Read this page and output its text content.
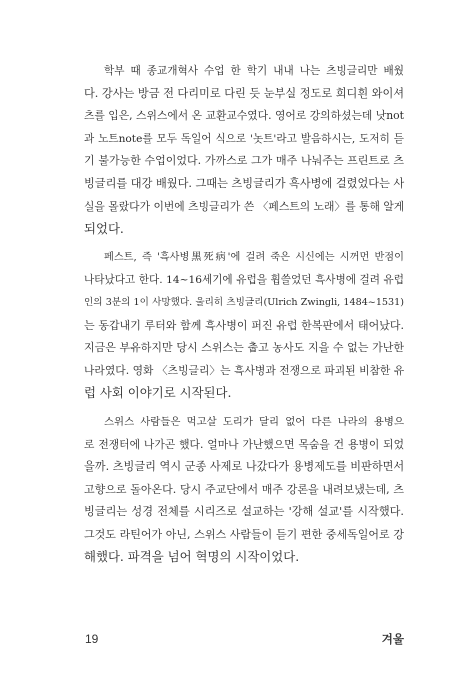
학부 때 종교개혁사 수업 한 학기 내내 나는 츠빙글리만 배웠
다. 강사는 방금 전 다리미로 다린 듯 눈부실 정도로 희디흰 와이셔
츠를 입은, 스위스에서 온 교환교수였다. 영어로 강의하셨는데 낫not
과 노트note를 모두 독일어 식으로 '놋트'라고 발음하시는, 도저히 듣
기 불가능한 수업이었다. 가까스로 그가 매주 나눠주는 프린트로 츠
빙글리를 대강 배웠다. 그때는 츠빙글리가 흑사병에 걸렸었다는 사
실을 몰랐다가 이번에 츠빙글리가 쓴 〈페스트의 노래〉를 통해 알게
되었다.
페스트, 즉 '흑사병黑死病'에 걸려 죽은 시신에는 시꺼먼 반점이
나타났다고 한다. 14~16세기에 유럽을 휩쓸었던 흑사병에 걸려 유럽
인의 3분의 1이 사망했다. 울리히 츠빙글리(Ulrich Zwingli, 1484~1531)
는 동갑내기 루터와 함께 흑사병이 퍼진 유럽 한복판에서 태어났다.
지금은 부유하지만 당시 스위스는 춥고 농사도 지을 수 없는 가난한
나라였다. 영화 〈츠빙글리〉는 흑사병과 전쟁으로 파괴된 비참한 유
럽 사회 이야기로 시작된다.
스위스 사람들은 먹고살 도리가 달리 없어 다른 나라의 용병으
로 전쟁터에 나가곤 했다. 얼마나 가난했으면 목숨을 건 용병이 되었
을까. 츠빙글리 역시 군종 사제로 나갔다가 용병제도를 비판하면서
고향으로 돌아온다. 당시 주교단에서 매주 강론을 내려보냈는데, 츠
빙글리는 성경 전체를 시리즈로 설교하는 '강해 설교'를 시작했다.
그것도 라틴어가 아닌, 스위스 사람들이 듣기 편한 중세독일어로 강
해했다. 파격을 넘어 혁명의 시작이었다.
19	겨울
